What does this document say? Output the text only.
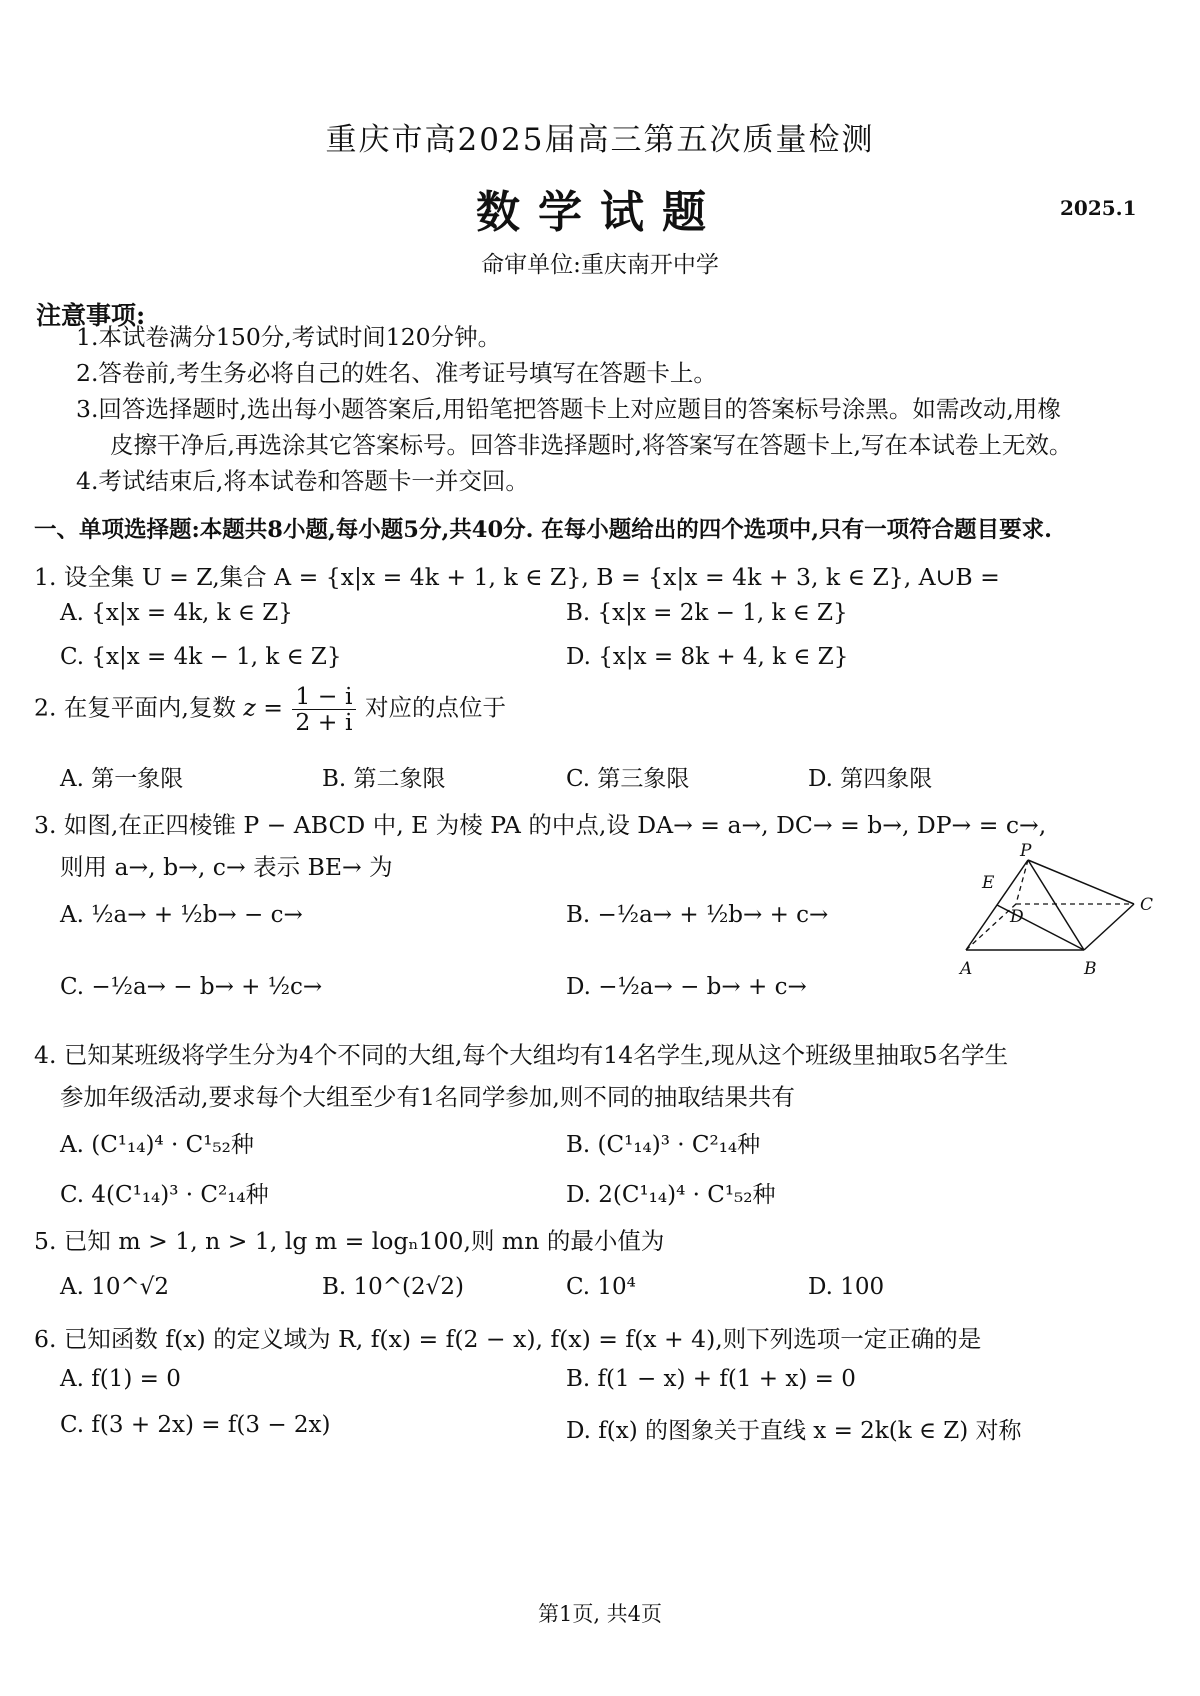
重庆市高2025届高三第五次质量检测
数学试题	2025.1
命审单位:重庆南开中学
注意事项:
1.本试卷满分150分,考试时间120分钟。
2.答卷前,考生务必将自己的姓名、准考证号填写在答题卡上。
3.回答选择题时,选出每小题答案后,用铅笔把答题卡上对应题目的答案标号涂黑。如需改动,用橡
皮擦干净后,再选涂其它答案标号。回答非选择题时,将答案写在答题卡上,写在本试卷上无效。
4.考试结束后,将本试卷和答题卡一并交回。
一、单项选择题:本题共8小题,每小题5分,共40分. 在每小题给出的四个选项中,只有一项符合题目要求.
1. 设全集 U = Z,集合 A = {x|x = 4k + 1, k ∈ Z}, B = {x|x = 4k + 3, k ∈ Z}, A∪B =
A. {x|x = 4k, k ∈ Z}	B. {x|x = 2k − 1, k ∈ Z}
C. {x|x = 4k − 1, k ∈ Z}	D. {x|x = 8k + 4, k ∈ Z}
2. 在复平面内,复数 $z = \frac{1 - i}{2 + i}$ 对应的点位于
A. 第一象限	B. 第二象限	C. 第三象限	D. 第四象限
3. 如图,在正四棱锥 P − ABCD 中, E 为棱 PA 的中点,设 DA→ = a→, DC→ = b→, DP→ = c→,
则用 a→, b→, c→ 表示 BE→ 为
A. ½a→ + ½b→ − c→	B. −½a→ + ½b→ + c→
C. −½a→ − b→ + ½c→	D. −½a→ − b→ + c→
P
E
D
C
A	B
4. 已知某班级将学生分为4个不同的大组,每个大组均有14名学生,现从这个班级里抽取5名学生
参加年级活动,要求每个大组至少有1名同学参加,则不同的抽取结果共有
A. (C¹₁₄)⁴ · C¹₅₂种	B. (C¹₁₄)³ · C²₁₄种
C. 4(C¹₁₄)³ · C²₁₄种	D. 2(C¹₁₄)⁴ · C¹₅₂种
5. 已知 m > 1, n > 1, lg m = logₙ100,则 mn 的最小值为
A. 10^√2	B. 10^(2√2)	C. 10⁴	D. 100
6. 已知函数 f(x) 的定义域为 R, f(x) = f(2 − x), f(x) = f(x + 4),则下列选项一定正确的是
A. f(1) = 0	B. f(1 − x) + f(1 + x) = 0
C. f(3 + 2x) = f(3 − 2x)	D. f(x) 的图象关于直线 x = 2k(k ∈ Z) 对称
第1页, 共4页
